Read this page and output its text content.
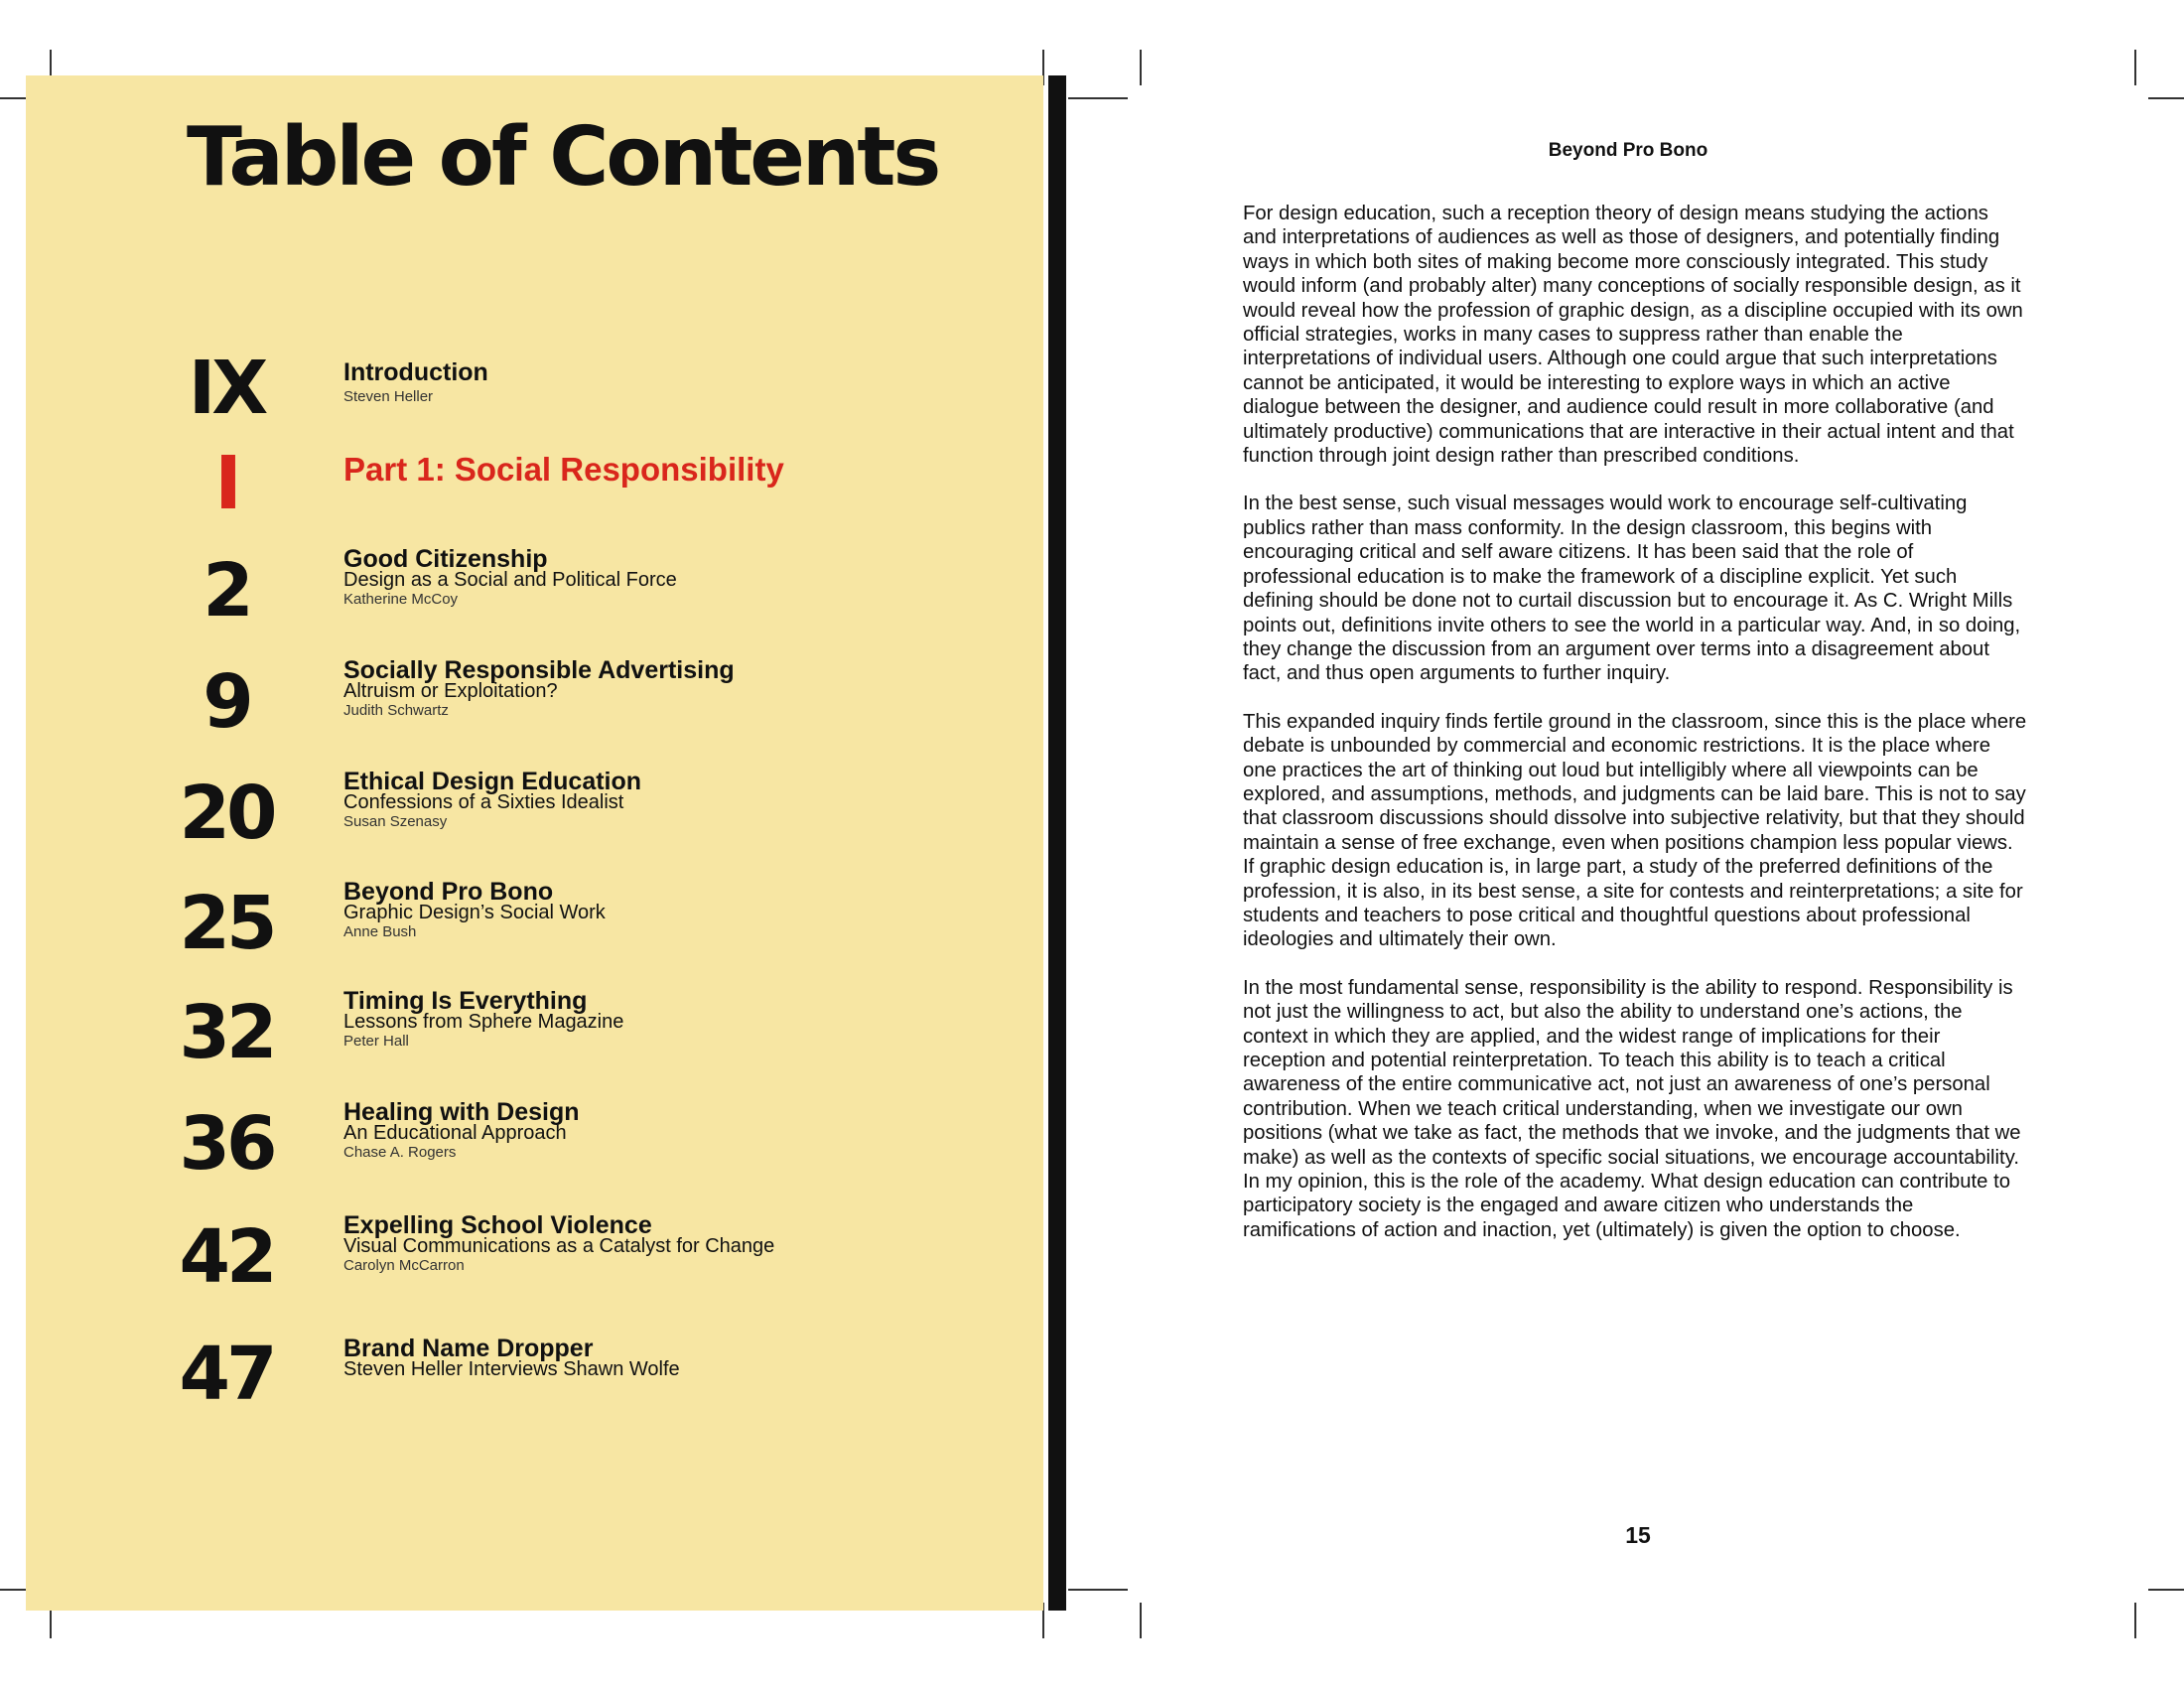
Table of Contents
IX	Introduction
Steven Heller
I	Part 1: Social Responsibility
2	Good Citizenship
Design as a Social and Political Force
Katherine McCoy
9	Socially Responsible Advertising
Altruism or Exploitation?
Judith Schwartz
20	Ethical Design Education
Confessions of a Sixties Idealist
Susan Szenasy
25	Beyond Pro Bono
Graphic Design’s Social Work
Anne Bush
32	Timing Is Everything
Lessons from Sphere Magazine
Peter Hall
36	Healing with Design
An Educational Approach
Chase A. Rogers
42	Expelling School Violence
Visual Communications as a Catalyst for Change
Carolyn McCarron
47	Brand Name Dropper
Steven Heller Interviews Shawn Wolfe
Beyond Pro Bono

For design education, such a reception theory of design means studying the actions and interpretations of audiences as well as those of designers, and potentially finding ways in which both sites of making become more consciously integrated. This study would inform (and probably alter) many conceptions of socially responsible design, as it would reveal how the profession of graphic design, as a discipline occupied with its own official strategies, works in many cases to suppress rather than enable the interpretations of individual users. Although one could argue that such interpretations cannot be anticipated, it would be interesting to explore ways in which an active dialogue between the designer, and audience could result in more collaborative (and ultimately productive) communications that are interactive in their actual intent and that function through joint design rather than prescribed conditions.

In the best sense, such visual messages would work to encourage self-cultivating publics rather than mass conformity. In the design classroom, this begins with encouraging critical and self aware citizens. It has been said that the role of professional education is to make the framework of a discipline explicit. Yet such defining should be done not to curtail discussion but to encourage it. As C. Wright Mills points out, definitions invite others to see the world in a particular way. And, in so doing, they change the discussion from an argument over terms into a disagreement about fact, and thus open arguments to further inquiry.

This expanded inquiry finds fertile ground in the classroom, since this is the place where debate is unbounded by commercial and economic restrictions. It is the place where one practices the art of thinking out loud but intelligibly where all viewpoints can be explored, and assumptions, methods, and judgments can be laid bare. This is not to say that classroom discussions should dissolve into subjective relativity, but that they should maintain a sense of free exchange, even when positions champion less popular views. If graphic design education is, in large part, a study of the preferred definitions of the profession, it is also, in its best sense, a site for contests and reinterpretations; a site for students and teachers to pose critical and thoughtful questions about professional ideologies and ultimately their own.

In the most fundamental sense, responsibility is the ability to respond. Responsibility is not just the willingness to act, but also the ability to understand one’s actions, the context in which they are applied, and the widest range of implications for their reception and potential reinterpretation. To teach this ability is to teach a critical awareness of the entire communicative act, not just an awareness of one’s personal contribution. When we teach critical understanding, when we investigate our own positions (what we take as fact, the methods that we invoke, and the judgments that we make) as well as the contexts of specific social situations, we encourage accountability. In my opinion, this is the role of the academy. What design education can contribute to participatory society is the engaged and aware citizen who understands the ramifications of action and inaction, yet (ultimately) is given the option to choose.

15
